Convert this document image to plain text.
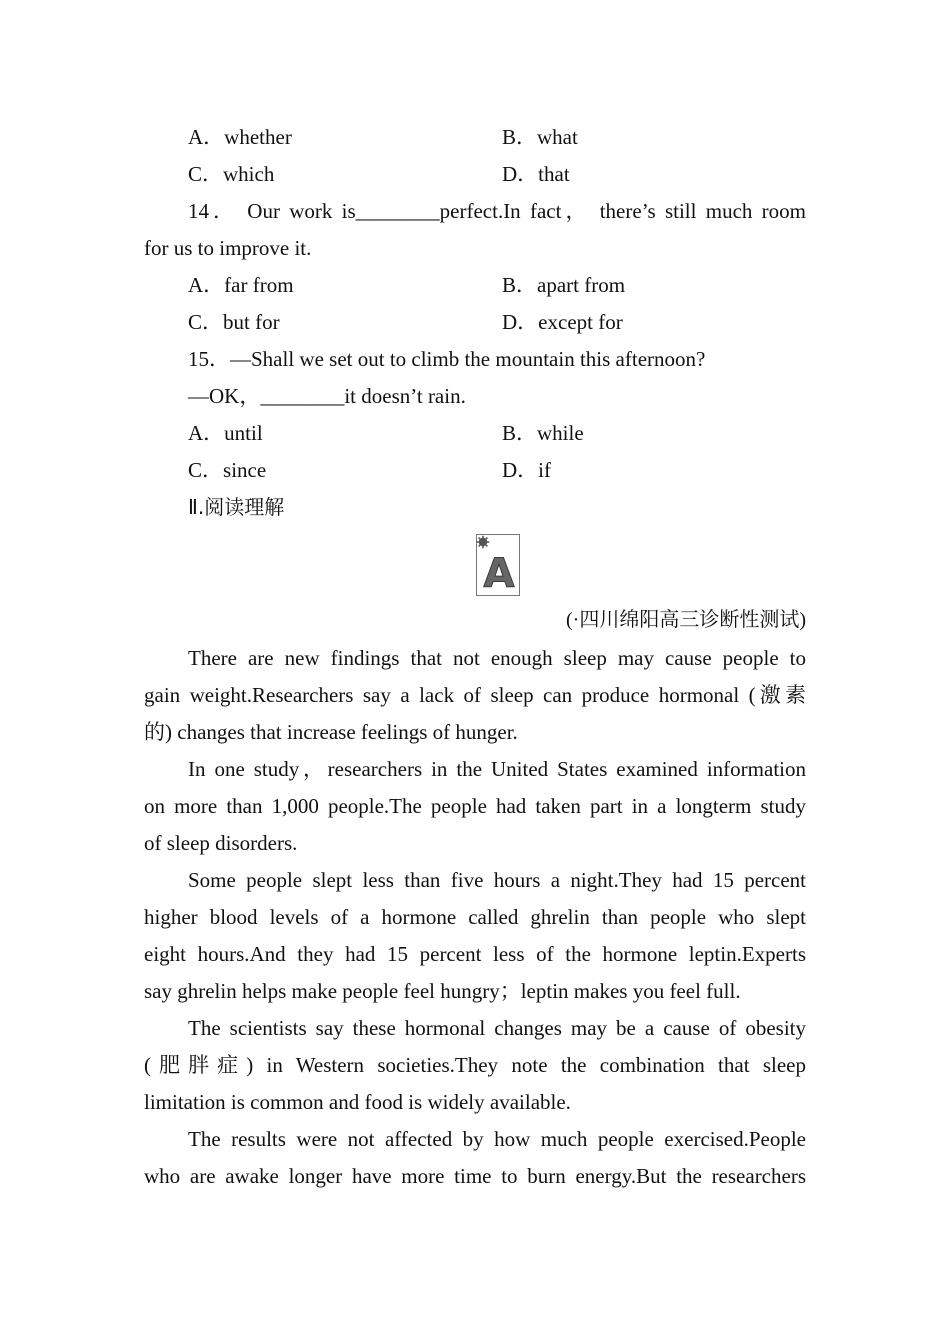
A．whether	B．what
C．which	D．that
14． Our work is________perfect.In fact， there’s still much room
for us to improve it.
A．far from	B．apart from
C．but for	D．except for
15．—Shall we set out to climb the mountain this afternoon?
—OK，________it doesn’t rain.
A．until	B．while
C．since	D．if
Ⅱ.阅读理解
A
(·四川绵阳高三诊断性测试)
There are new findings that not enough sleep may cause people to
gain weight.Researchers say a lack of sleep can produce hormonal (激素
的) changes that increase feelings of hunger.
In one study，researchers in the United States examined information
on more than 1,000 people.The people had taken part in a longterm study
of sleep disorders.
Some people slept less than five hours a night.They had 15 percent
higher blood levels of a hormone called ghrelin than people who slept
eight hours.And they had 15 percent less of the hormone leptin.Experts
say ghrelin helps make people feel hungry；leptin makes you feel full.
The scientists say these hormonal changes may be a cause of obesity
(肥胖症) in Western societies.They note the combination that sleep
limitation is common and food is widely available.
The results were not affected by how much people exercised.People
who are awake longer have more time to burn energy.But the researchers
